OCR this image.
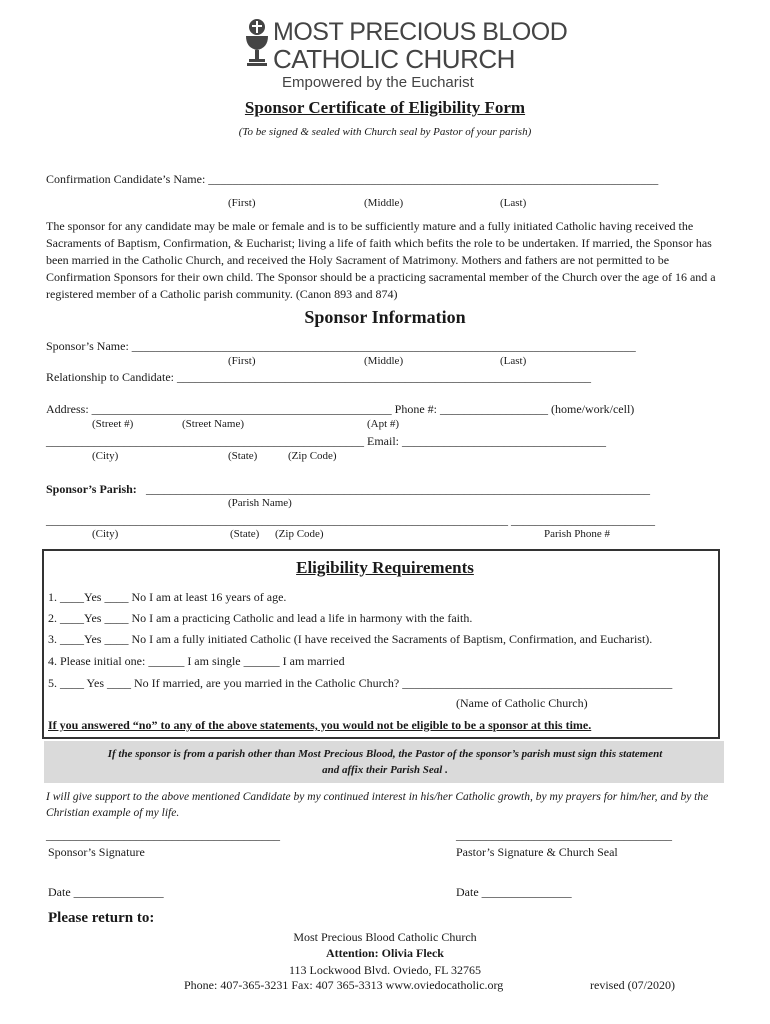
MOST PRECIOUS BLOOD
CATHOLIC CHURCH
Empowered by the Eucharist
Sponsor Certificate of Eligibility Form
(To be signed & sealed with Church seal by Pastor of your parish)
Confirmation Candidate’s Name: ___________________________________________________________________________
(First)	(Middle)	(Last)
The sponsor for any candidate may be male or female and is to be sufficiently mature and a fully initiated Catholic having received the Sacraments of Baptism, Confirmation, & Eucharist; living a life of faith which befits the role to be undertaken. If married, the Sponsor has been married in the Catholic Church, and received the Holy Sacrament of Matrimony. Mothers and fathers are not permitted to be Confirmation Sponsors for their own child. The Sponsor should be a practicing sacramental member of the Church over the age of 16 and a registered member of a Catholic parish community. (Canon 893 and 874)
Sponsor Information
Sponsor’s Name: ____________________________________________________________________________________
(First)	(Middle)	(Last)
Relationship to Candidate: _____________________________________________________________________
Address: __________________________________________________ Phone #: __________________ (home/work/cell)
(Street #)	(Street Name)	(Apt #)
_____________________________________________________ Email: __________________________________
(City)	(State)	(Zip Code)
Sponsor’s Parish: ____________________________________________________________________________________
(Parish Name)
_____________________________________________________________________________ ________________________
(City)	(State) (Zip Code)	Parish Phone #
Eligibility Requirements
1. ____Yes ____ No I am at least 16 years of age.
2. ____Yes ____ No I am a practicing Catholic and lead a life in harmony with the faith.
3. ____Yes ____ No I am a fully initiated Catholic (I have received the Sacraments of Baptism, Confirmation, and Eucharist).
4. Please initial one: ______ I am single ______ I am married
5. ____ Yes ____ No If married, are you married in the Catholic Church? _____________________________________________
(Name of Catholic Church)
If you answered “no” to any of the above statements, you would not be eligible to be a sponsor at this time.
If the sponsor is from a parish other than Most Precious Blood, the Pastor of the sponsor’s parish must sign this statement
and affix their Parish Seal .
I will give support to the above mentioned Candidate by my continued interest in his/her Catholic growth, by my prayers for him/her, and by the Christian example of my life.
_______________________________________	____________________________________
Sponsor’s Signature	Pastor’s Signature & Church Seal
Date _______________	Date _______________
Please return to:
Most Precious Blood Catholic Church
Attention: Olivia Fleck
113 Lockwood Blvd. Oviedo, FL 32765
Phone: 407-365-3231 Fax: 407 365-3313 www.oviedocatholic.org	revised (07/2020)
